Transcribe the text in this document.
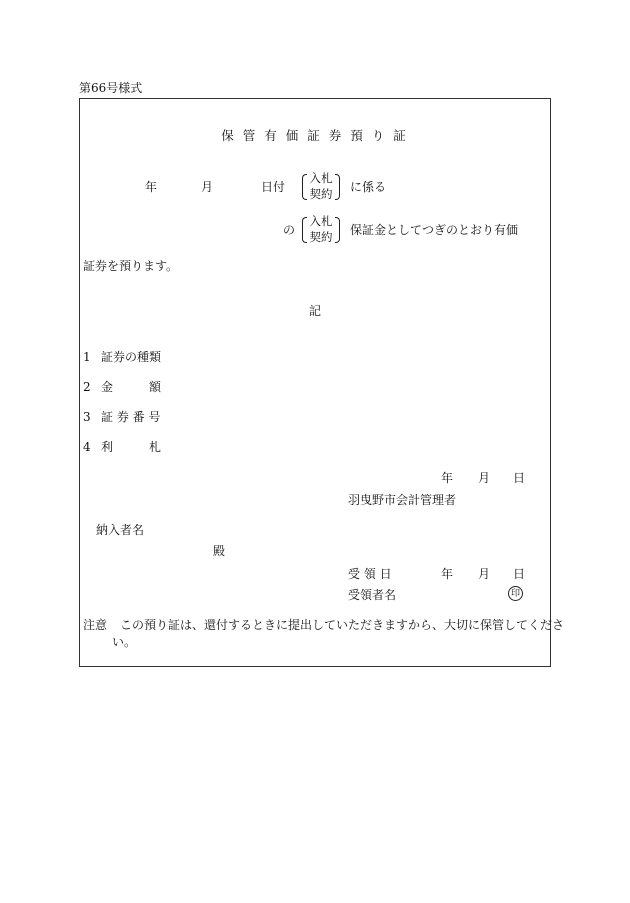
第66号様式
保管有価証券預り証
年	月	日付
入札
契約 に係る
の
入札
契約 保証金としてつぎのとおり有価
証券を預ります。
記
1 証券の種類
2 金　　　額
3 証 券 番 号
4 利　　　札
年 月 日
羽曳野市会計管理者
納入者名
殿
受 領 日	年 月 日
受領者名	印
注意 この預り証は、還付するときに提出していただきますから、大切に保管してくださ
い。
